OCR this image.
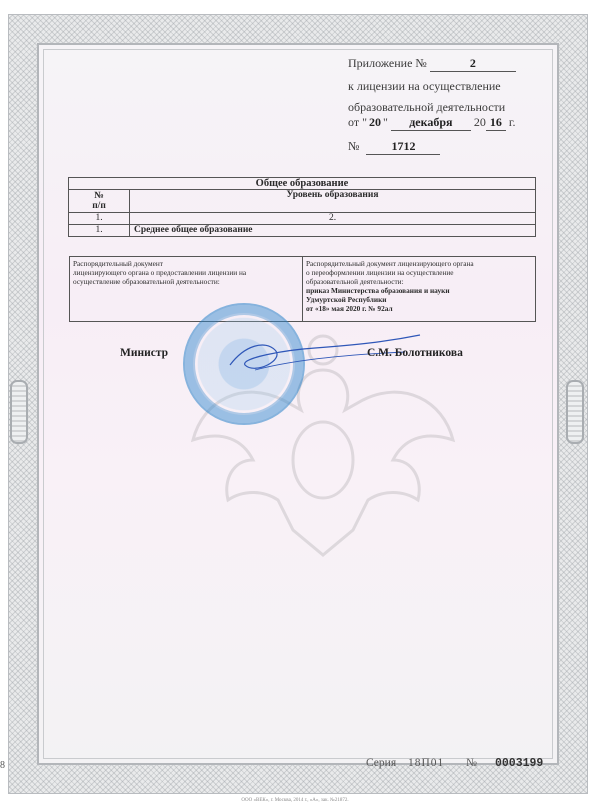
Приложение №	2
к лицензии на осуществление
образовательной деятельности
от " 20 " декабря 20 16 г.
№	1712
Общее образование	
№
п/п	Уровень образования
1.	2.
1.	Среднее общее образование
Распорядительный документ
лицензирующего органа о предоставлении лицензии на
осуществление образовательной деятельности:	
Распорядительный документ лицензирующего органа
о переоформлении лицензии на осуществление
образовательной деятельности:
приказ Министерства образования и науки
Удмуртской Республики
от «18» мая 2020 г. № 92ал
Министр	С.М. Болотникова
8	Серия 18П01 № 0003199
ООО «ВЕК», г. Москва, 2014 г., «А», зак. №21872.
